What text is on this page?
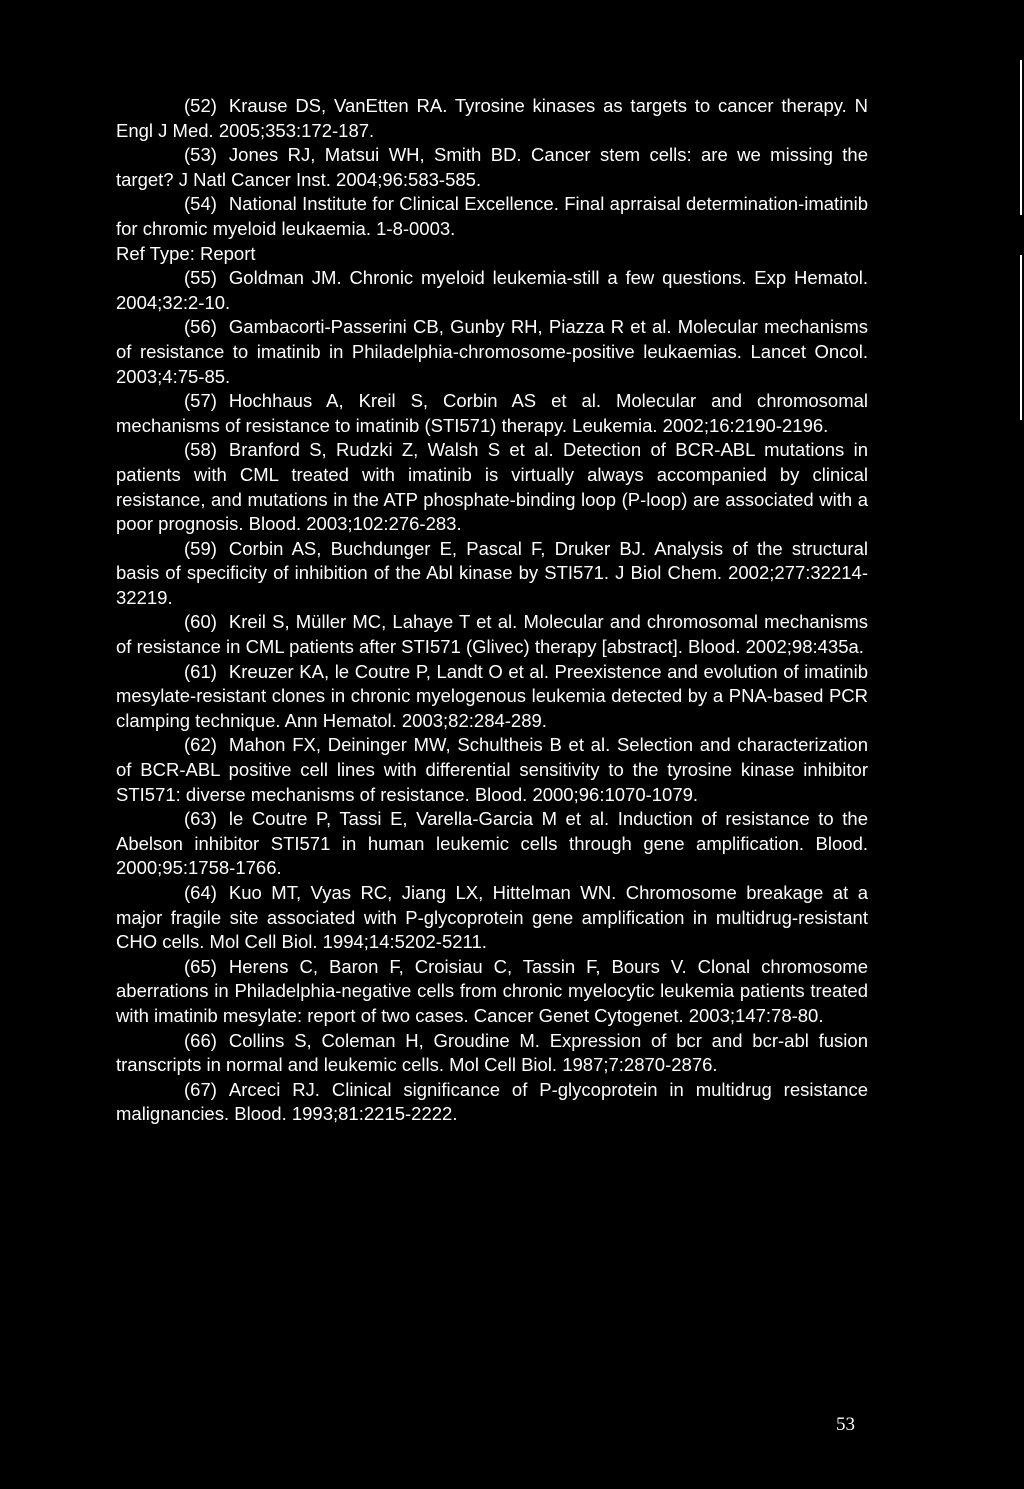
(52) Krause DS, VanEtten RA. Tyrosine kinases as targets to cancer therapy. N Engl J Med. 2005;353:172-187.

(53) Jones RJ, Matsui WH, Smith BD. Cancer stem cells: are we missing the target? J Natl Cancer Inst. 2004;96:583-585.

(54) National Institute for Clinical Excellence. Final aprraisal determination-imatinib for chromic myeloid leukaemia. 1-8-0003.

Ref Type: Report

(55) Goldman JM. Chronic myeloid leukemia-still a few questions. Exp Hematol. 2004;32:2-10.

(56) Gambacorti-Passerini CB, Gunby RH, Piazza R et al. Molecular mechanisms of resistance to imatinib in Philadelphia-chromosome-positive leukaemias. Lancet Oncol. 2003;4:75-85.

(57) Hochhaus A, Kreil S, Corbin AS et al. Molecular and chromosomal mechanisms of resistance to imatinib (STI571) therapy. Leukemia. 2002;16:2190-2196.

(58) Branford S, Rudzki Z, Walsh S et al. Detection of BCR-ABL mutations in patients with CML treated with imatinib is virtually always accompanied by clinical resistance, and mutations in the ATP phosphate-binding loop (P-loop) are associated with a poor prognosis. Blood. 2003;102:276-283.

(59) Corbin AS, Buchdunger E, Pascal F, Druker BJ. Analysis of the structural basis of specificity of inhibition of the Abl kinase by STI571. J Biol Chem. 2002;277:32214-32219.

(60) Kreil S, Müller MC, Lahaye T et al. Molecular and chromosomal mechanisms of resistance in CML patients after STI571 (Glivec) therapy [abstract]. Blood. 2002;98:435a.

(61) Kreuzer KA, le Coutre P, Landt O et al. Preexistence and evolution of imatinib mesylate-resistant clones in chronic myelogenous leukemia detected by a PNA-based PCR clamping technique. Ann Hematol. 2003;82:284-289.

(62) Mahon FX, Deininger MW, Schultheis B et al. Selection and characterization of BCR-ABL positive cell lines with differential sensitivity to the tyrosine kinase inhibitor STI571: diverse mechanisms of resistance. Blood. 2000;96:1070-1079.

(63) le Coutre P, Tassi E, Varella-Garcia M et al. Induction of resistance to the Abelson inhibitor STI571 in human leukemic cells through gene amplification. Blood. 2000;95:1758-1766.

(64) Kuo MT, Vyas RC, Jiang LX, Hittelman WN. Chromosome breakage at a major fragile site associated with P-glycoprotein gene amplification in multidrug-resistant CHO cells. Mol Cell Biol. 1994;14:5202-5211.

(65) Herens C, Baron F, Croisiau C, Tassin F, Bours V. Clonal chromosome aberrations in Philadelphia-negative cells from chronic myelocytic leukemia patients treated with imatinib mesylate: report of two cases. Cancer Genet Cytogenet. 2003;147:78-80.

(66) Collins S, Coleman H, Groudine M. Expression of bcr and bcr-abl fusion transcripts in normal and leukemic cells. Mol Cell Biol. 1987;7:2870-2876.

(67) Arceci RJ. Clinical significance of P-glycoprotein in multidrug resistance malignancies. Blood. 1993;81:2215-2222.

53
